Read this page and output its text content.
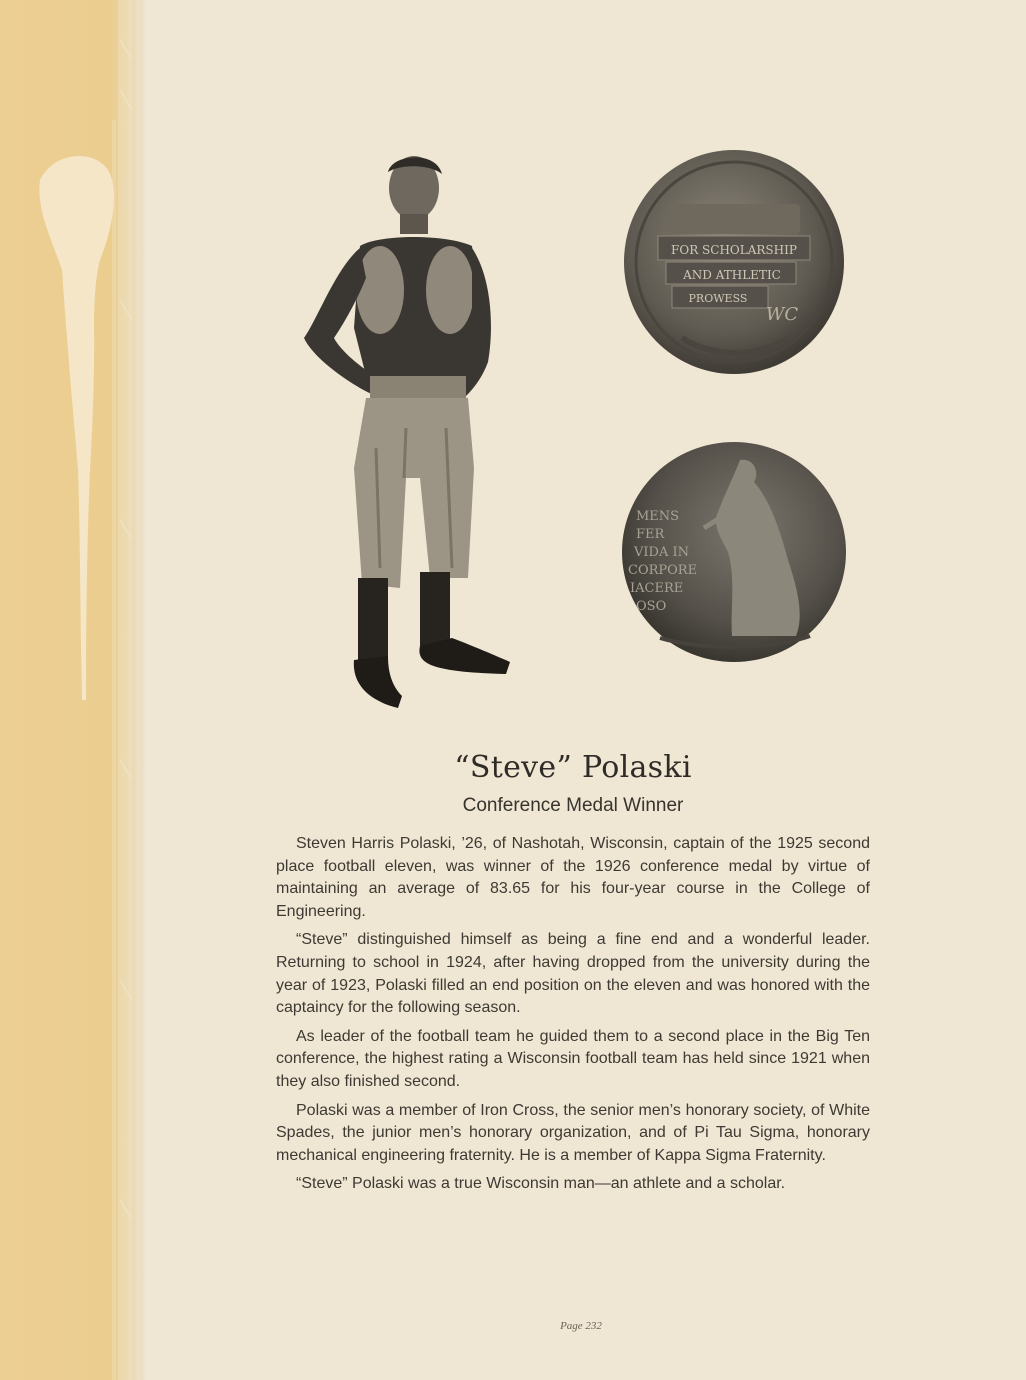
FOR SCHOLARSHIP
AND ATHLETIC
PROWESS
WC
MENS FER VIDA IN CORPORE IACERE OSO
“Steve” Polaski
Conference Medal Winner

Steven Harris Polaski, ’26, of Nashotah, Wisconsin, captain of the 1925 second place football eleven, was winner of the 1926 conference medal by virtue of maintaining an average of 83.65 for his four-year course in the College of Engineering.

“Steve” distinguished himself as being a fine end and a wonderful leader. Returning to school in 1924, after having dropped from the university during the year of 1923, Polaski filled an end position on the eleven and was honored with the captaincy for the following season.

As leader of the football team he guided them to a second place in the Big Ten conference, the highest rating a Wisconsin football team has held since 1921 when they also finished second.

Polaski was a member of Iron Cross, the senior men’s honorary society, of White Spades, the junior men’s honorary organization, and of Pi Tau Sigma, honorary mechanical engineering fraternity. He is a member of Kappa Sigma Fraternity.

“Steve” Polaski was a true Wisconsin man—an athlete and a scholar.

Page 232
